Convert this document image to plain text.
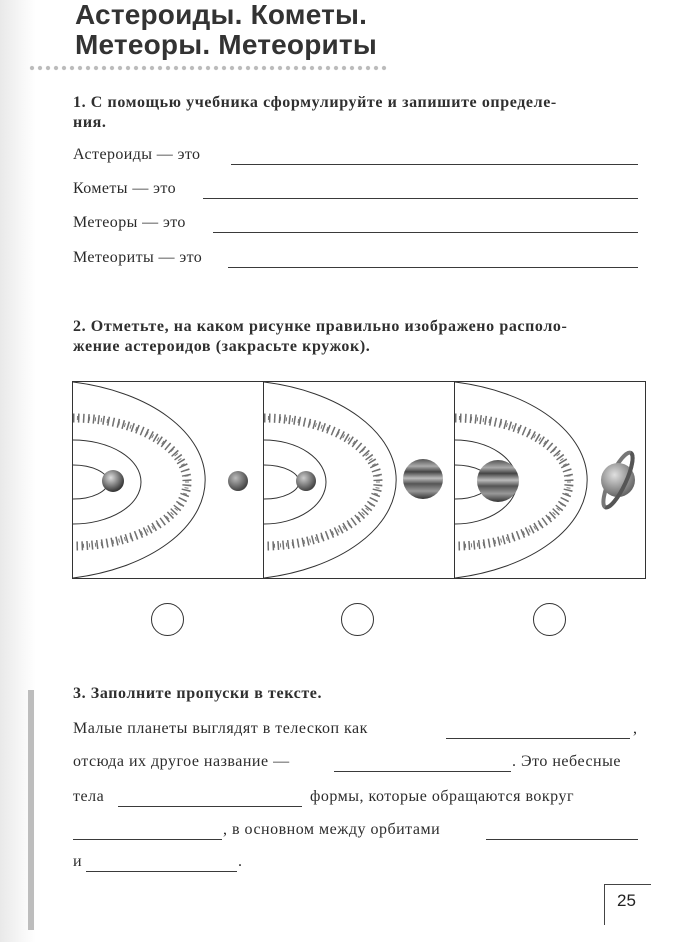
Астероиды. Кометы.
Метеоры. Метеориты
1. С помощью учебника сформулируйте и запишите определе-
ния.
Астероиды — это
Кометы — это
Метеоры — это
Метеориты — это
2. Отметьте, на каком рисунке правильно изображено располо-
жение астероидов (закрасьте кружок).
3. Заполните пропуски в тексте.
Малые планеты выглядят в телескоп как	,
отсюда их другое название —	. Это небесные
тела	формы, которые обращаются вокруг
, в основном между орбитами
и	.
25
